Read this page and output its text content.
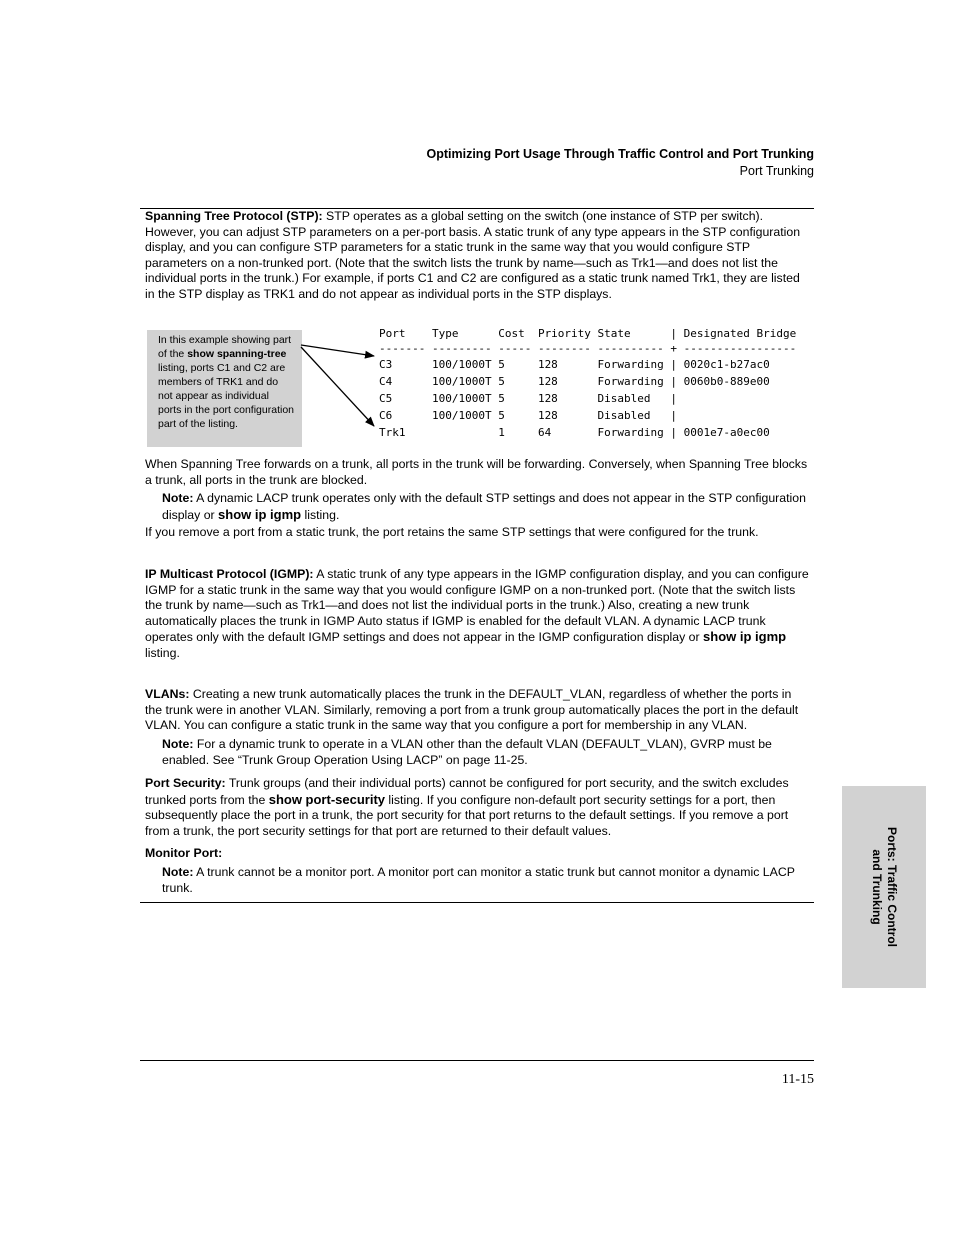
Optimizing Port Usage Through Traffic Control and Port Trunking
Port Trunking
Spanning Tree Protocol (STP): STP operates as a global setting on the switch (one instance of STP per switch). However, you can adjust STP parameters on a per-port basis. A static trunk of any type appears in the STP configuration display, and you can configure STP parameters for a static trunk in the same way that you would configure STP parameters on a non-trunked port. (Note that the switch lists the trunk by name—such as Trk1—and does not list the individual ports in the trunk.) For example, if ports C1 and C2 are configured as a static trunk named Trk1, they are listed in the STP display as TRK1 and do not appear as individual ports in the STP displays.
In this example showing part of the show spanning-tree listing, ports C1 and C2 are members of TRK1 and do not appear as individual ports in the port configuration part of the listing.
Port    Type      Cost  Priority State      | Designated Bridge
------- --------- ----- -------- ---------- + -----------------
C3      100/1000T 5     128      Forwarding | 0020c1-b27ac0
C4      100/1000T 5     128      Forwarding | 0060b0-889e00
C5      100/1000T 5     128      Disabled   |
C6      100/1000T 5     128      Disabled   |
Trk1              1     64       Forwarding | 0001e7-a0ec00
When Spanning Tree forwards on a trunk, all ports in the trunk will be forwarding. Conversely, when Spanning Tree blocks a trunk, all ports in the trunk are blocked.
Note: A dynamic LACP trunk operates only with the default STP settings and does not appear in the STP configuration display or show ip igmp listing.
If you remove a port from a static trunk, the port retains the same STP settings that were configured for the trunk.
IP Multicast Protocol (IGMP): A static trunk of any type appears in the IGMP configuration display, and you can configure IGMP for a static trunk in the same way that you would configure IGMP on a non-trunked port. (Note that the switch lists the trunk by name—such as Trk1—and does not list the individual ports in the trunk.) Also, creating a new trunk automatically places the trunk in IGMP Auto status if IGMP is enabled for the default VLAN. A dynamic LACP trunk operates only with the default IGMP settings and does not appear in the IGMP configuration display or show ip igmp listing.
VLANs: Creating a new trunk automatically places the trunk in the DEFAULT_VLAN, regardless of whether the ports in the trunk were in another VLAN. Similarly, removing a port from a trunk group automatically places the port in the default VLAN. You can configure a static trunk in the same way that you configure a port for membership in any VLAN.
Note: For a dynamic trunk to operate in a VLAN other than the default VLAN (DEFAULT_VLAN), GVRP must be enabled. See “Trunk Group Operation Using LACP” on page 11-25.
Port Security: Trunk groups (and their individual ports) cannot be configured for port security, and the switch excludes trunked ports from the show port-security listing. If you configure non-default port security settings for a port, then subsequently place the port in a trunk, the port security for that port returns to the default settings. If you remove a port from a trunk, the port security settings for that port are returned to their default values.
Monitor Port:
Note: A trunk cannot be a monitor port. A monitor port can monitor a static trunk but cannot monitor a dynamic LACP trunk.	Ports: Traffic Control
and Trunking
11-15
